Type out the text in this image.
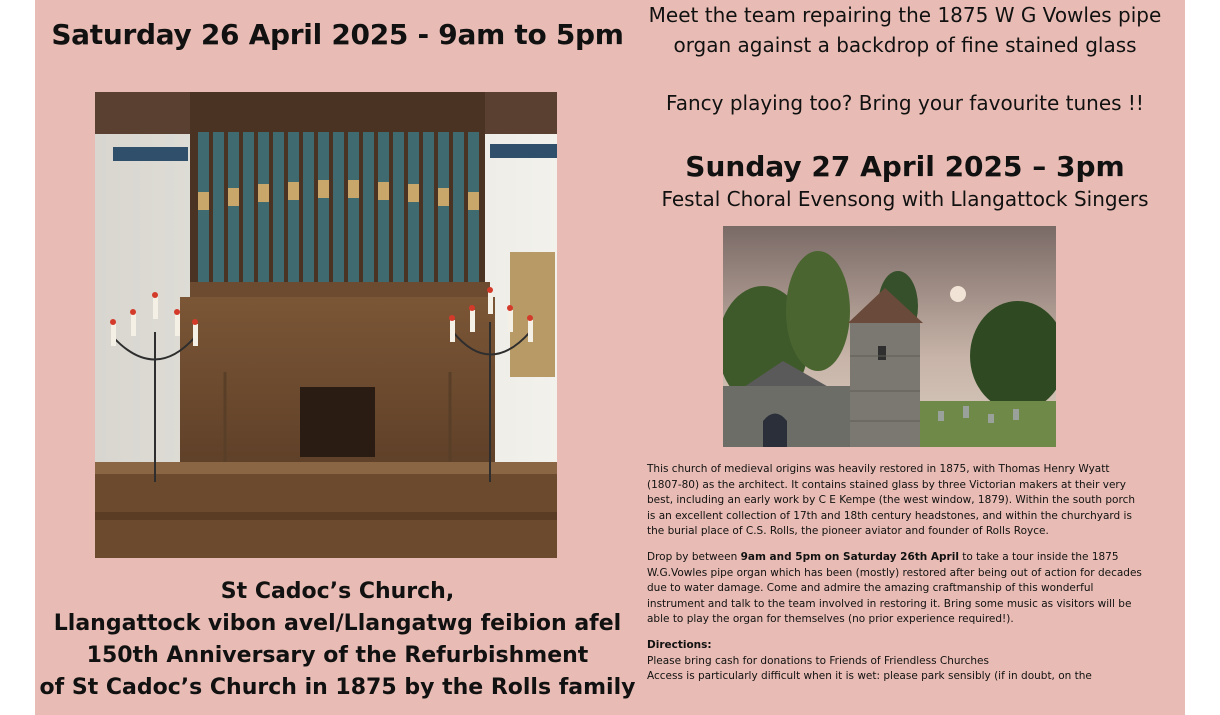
Saturday 26 April 2025 - 9am to 5pm
St Cadoc’s Church,
Llangattock vibon avel/Llangatwg feibion afel
150th Anniversary of the Refurbishment
of St Cadoc’s Church in 1875 by the Rolls family
Meet the team repairing the 1875 W G Vowles pipe
organ against a backdrop of fine stained glass
Fancy playing too? Bring your favourite tunes !!
Sunday 27 April 2025 – 3pm
Festal Choral Evensong with Llangattock Singers

This church of medieval origins was heavily restored in 1875, with Thomas Henry Wyatt (1807-80) as the architect. It contains stained glass by three Victorian makers at their very best, including an early work by C E Kempe (the west window, 1879). Within the south porch is an excellent collection of 17th and 18th century headstones, and within the churchyard is the burial place of C.S. Rolls, the pioneer aviator and founder of Rolls Royce.

Drop by between 9am and 5pm on Saturday 26th April to take a tour inside the 1875 W.G.Vowles pipe organ which has been (mostly) restored after being out of action for decades due to water damage. Come and admire the amazing craftmanship of this wonderful instrument and talk to the team involved in restoring it. Bring some music as visitors will be able to play the organ for themselves (no prior experience required!).

Directions:
Please bring cash for donations to Friends of Friendless Churches
Access is particularly difficult when it is wet: please park sensibly (if in doubt, on the
